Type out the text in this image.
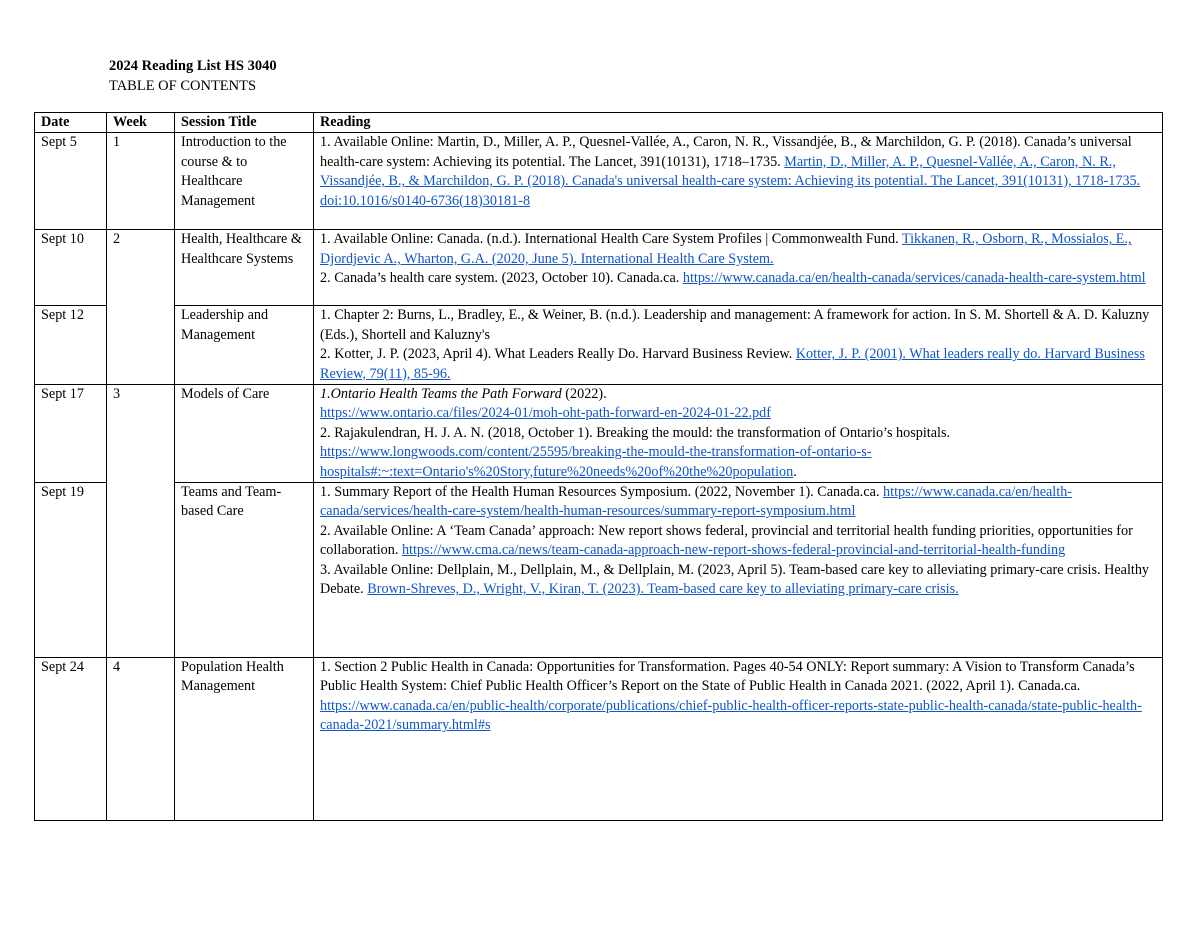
2024 Reading List HS 3040
TABLE OF CONTENTS
Date	Week	Session Title	Reading
Sept 5	1	Introduction to the course & to Healthcare Management	1. Available Online: Martin, D., Miller, A. P., Quesnel-Vallée, A., Caron, N. R., Vissandjée, B., & Marchildon, G. P. (2018). Canada’s universal health-care system: Achieving its potential. The Lancet, 391(10131), 1718–1735. Martin, D., Miller, A. P., Quesnel-Vallée, A., Caron, N. R., Vissandjée, B., & Marchildon, G. P. (2018). Canada's universal health-care system: Achieving its potential. The Lancet, 391(10131), 1718-1735. doi:10.1016/s0140-6736(18)30181-8

Sept 10	2	Health, Healthcare & Healthcare Systems	1. Available Online: Canada. (n.d.). International Health Care System Profiles | Commonwealth Fund. Tikkanen, R., Osborn, R., Mossialos, E., Djordjevic A., Wharton, G.A. (2020, June 5). International Health Care System.

2. Canada’s health care system. (2023, October 10). Canada.ca. https://www.canada.ca/en/health-canada/services/canada-health-care-system.html

Sept 12		Leadership and Management	1. Chapter 2: Burns, L., Bradley, E., & Weiner, B. (n.d.). Leadership and management: A framework for action. In S. M. Shortell & A. D. Kaluzny (Eds.), Shortell and Kaluzny's

2. Kotter, J. P. (2023, April 4). What Leaders Really Do. Harvard Business Review. Kotter, J. P. (2001). What leaders really do. Harvard Business Review, 79(11), 85-96.

Sept 17	3	Models of Care	1.Ontario Health Teams the Path Forward (2022).
https://www.ontario.ca/files/2024-01/moh-oht-path-forward-en-2024-01-22.pdf

2. Rajakulendran, H. J. A. N. (2018, October 1). Breaking the mould: the transformation of Ontario’s hospitals. https://www.longwoods.com/content/25595/breaking-the-mould-the-transformation-of-ontario-s-hospitals#:~:text=Ontario's%20Story,future%20needs%20of%20the%20population.

Sept 19		Teams and Team-based Care	1. Summary Report of the Health Human Resources Symposium. (2022, November 1). Canada.ca. https://www.canada.ca/en/health-canada/services/health-care-system/health-human-resources/summary-report-symposium.html

2. Available Online: A ‘Team Canada’ approach: New report shows federal, provincial and territorial health funding priorities, opportunities for collaboration. https://www.cma.ca/news/team-canada-approach-new-report-shows-federal-provincial-and-territorial-health-funding

3. Available Online: Dellplain, M., Dellplain, M., & Dellplain, M. (2023, April 5). Team-based care key to alleviating primary-care crisis. Healthy Debate. Brown-Shreves, D., Wright, V., Kiran, T. (2023). Team-based care key to alleviating primary-care crisis.

Sept 24	4	Population Health Management	1. Section 2 Public Health in Canada: Opportunities for Transformation. Pages 40-54 ONLY: Report summary: A Vision to Transform Canada’s Public Health System: Chief Public Health Officer’s Report on the State of Public Health in Canada 2021. (2022, April 1). Canada.ca. https://www.canada.ca/en/public-health/corporate/publications/chief-public-health-officer-reports-state-public-health-canada/state-public-health-canada-2021/summary.html#s
